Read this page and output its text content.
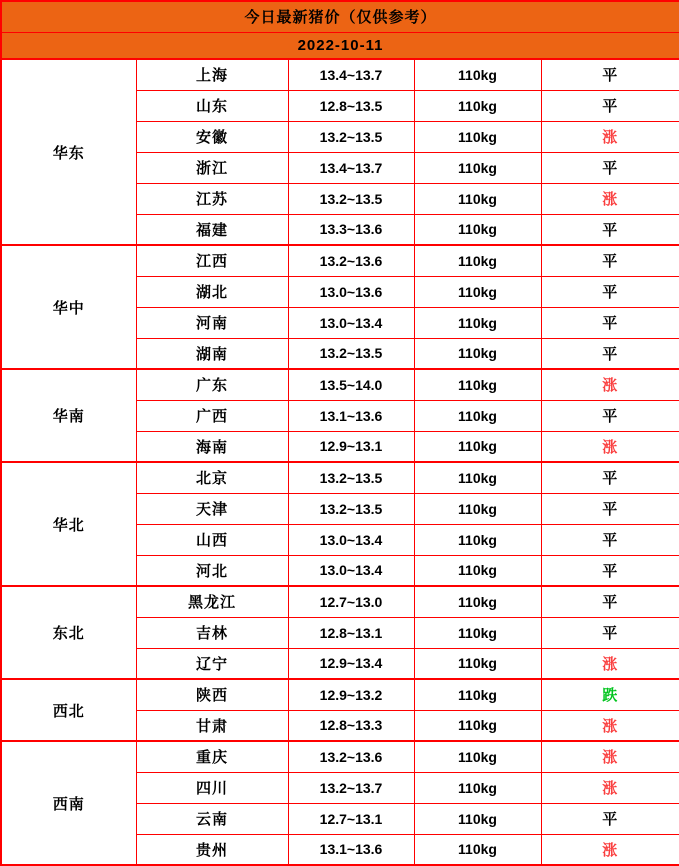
今日最新猪价（仅供参考）				
2022-10-11				
华东	上海	13.4~13.7	110kg	平
	山东	12.8~13.5	110kg	平
	安徽	13.2~13.5	110kg	涨
	浙江	13.4~13.7	110kg	平
	江苏	13.2~13.5	110kg	涨
	福建	13.3~13.6	110kg	平
华中	江西	13.2~13.6	110kg	平
	湖北	13.0~13.6	110kg	平
	河南	13.0~13.4	110kg	平
	湖南	13.2~13.5	110kg	平
华南	广东	13.5~14.0	110kg	涨
	广西	13.1~13.6	110kg	平
	海南	12.9~13.1	110kg	涨
华北	北京	13.2~13.5	110kg	平
	天津	13.2~13.5	110kg	平
	山西	13.0~13.4	110kg	平
	河北	13.0~13.4	110kg	平
东北	黑龙江	12.7~13.0	110kg	平
	吉林	12.8~13.1	110kg	平
	辽宁	12.9~13.4	110kg	涨
西北	陕西	12.9~13.2	110kg	跌
	甘肃	12.8~13.3	110kg	涨
西南	重庆	13.2~13.6	110kg	涨
	四川	13.2~13.7	110kg	涨
	云南	12.7~13.1	110kg	平
	贵州	13.1~13.6	110kg	涨
